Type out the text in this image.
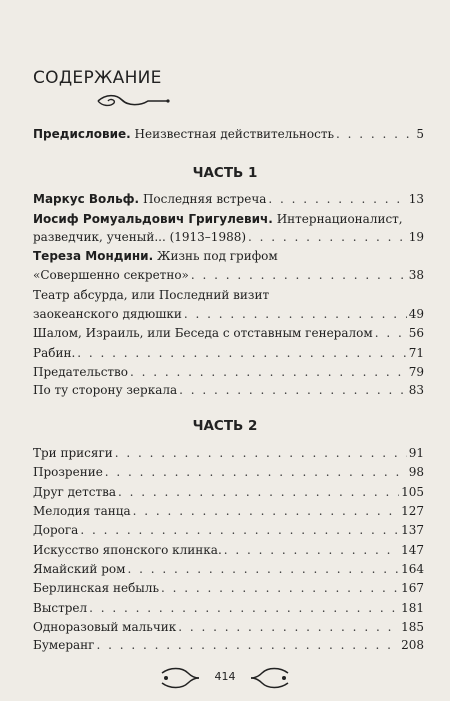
СОДЕРЖАНИЕ
Предисловие. Неизвестная действительность . . .	5
ЧАСТЬ 1
Маркус Вольф. Последняя встреча . . .	13
Иосиф Ромуальдович Григулевич. Интернационалист,
разведчик, ученый... (1913–1988) . . .	19
Тереза Мондини. Жизнь под грифом
«Совершенно секретно» . . .	38
Театр абсурда, или Последний визит
заокеанского дядюшки . . .	49
Шалом, Израиль, или Беседа с отставным генералом . . .	56
Рабин. . . .	71
Предательство . . .	79
По ту сторону зеркала . . .	83
ЧАСТЬ 2
Три присяги . . .	91
Прозрение . . .	98
Друг детства . . .	105
Мелодия танца . . .	127
Дорога . . .	137
Искусство японского клинка. . . .	147
Ямайский ром . . .	164
Берлинская небыль . . .	167
Выстрел . . .	181
Одноразовый мальчик . . .	185
Бумеранг . . .	208
414
